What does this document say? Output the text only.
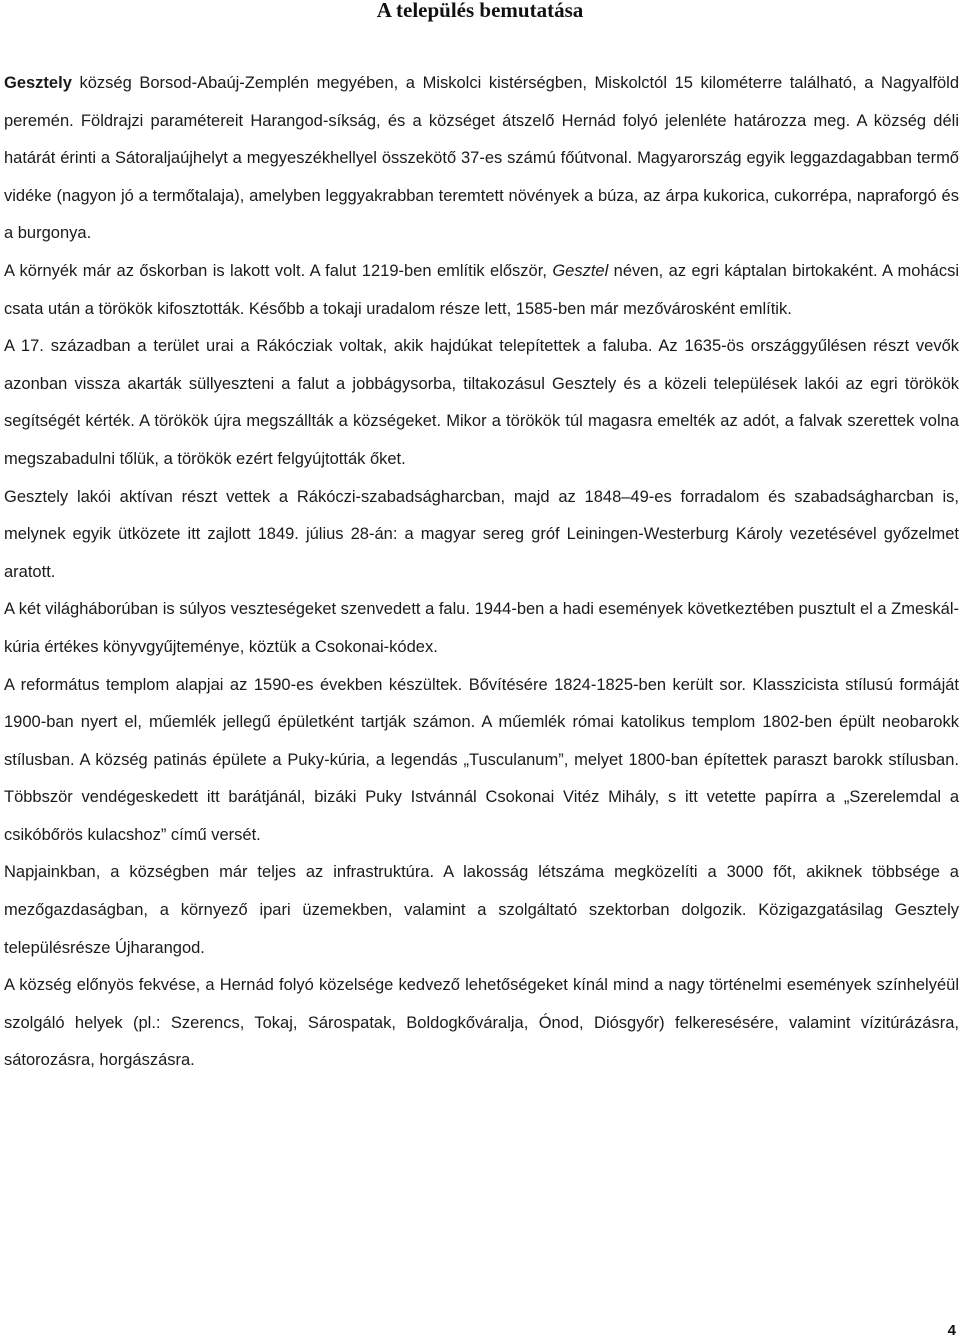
A település bemutatása

Gesztely község Borsod-Abaúj-Zemplén megyében, a Miskolci kistérségben, Miskolctól 15 kilométerre található, a Nagyalföld peremén. Földrajzi paramétereit Harangod-síkság, és a községet átszelő Hernád folyó jelenléte határozza meg. A község déli határát érinti a Sátoraljaújhelyt a megyeszékhellyel összekötő 37-es számú főútvonal. Magyarország egyik leggazdagabban termő vidéke (nagyon jó a termőtalaja), amelyben leggyakrabban teremtett növények a búza, az árpa kukorica, cukorrépa, napraforgó és a burgonya.

A környék már az őskorban is lakott volt. A falut 1219-ben említik először, Gesztel néven, az egri káptalan birtokaként. A mohácsi csata után a törökök kifosztották. Később a tokaji uradalom része lett, 1585-ben már mezővárosként említik.

A 17. században a terület urai a Rákócziak voltak, akik hajdúkat telepítettek a faluba. Az 1635-ös országgyűlésen részt vevők azonban vissza akarták süllyeszteni a falut a jobbágysorba, tiltakozásul Gesztely és a közeli települések lakói az egri törökök segítségét kérték. A törökök újra megszállták a községeket. Mikor a törökök túl magasra emelték az adót, a falvak szerettek volna megszabadulni tőlük, a törökök ezért felgyújtották őket.

Gesztely lakói aktívan részt vettek a Rákóczi-szabadságharcban, majd az 1848–49-es forradalom és szabadságharcban is, melynek egyik ütközete itt zajlott 1849. július 28-án: a magyar sereg gróf Leiningen-Westerburg Károly vezetésével győzelmet aratott.

A két világháborúban is súlyos veszteségeket szenvedett a falu. 1944-ben a hadi események következtében pusztult el a Zmeskál-kúria értékes könyvgyűjteménye, köztük a Csokonai-kódex.

A református templom alapjai az 1590-es években készültek. Bővítésére 1824-1825-ben került sor. Klasszicista stílusú formáját 1900-ban nyert el, műemlék jellegű épületként tartják számon. A műemlék római katolikus templom 1802-ben épült neobarokk stílusban. A község patinás épülete a Puky-kúria, a legendás „Tusculanum”, melyet 1800-ban építettek paraszt barokk stílusban. Többször vendégeskedett itt barátjánál, bizáki Puky Istvánnál Csokonai Vitéz Mihály, s itt vetette papírra a „Szerelemdal a csikóbőrös kulacshoz” című versét.

Napjainkban, a községben már teljes az infrastruktúra. A lakosság létszáma megközelíti a 3000 főt, akiknek többsége a mezőgazdaságban, a környező ipari üzemekben, valamint a szolgáltató szektorban dolgozik. Közigazgatásilag Gesztely településrésze Újharangod.

A község előnyös fekvése, a Hernád folyó közelsége kedvező lehetőségeket kínál mind a nagy történelmi események színhelyéül szolgáló helyek (pl.: Szerencs, Tokaj, Sárospatak, Boldogkőváralja, Ónod, Diósgyőr) felkeresésére, valamint vízitúrázásra, sátorozásra, horgászásra.

4
